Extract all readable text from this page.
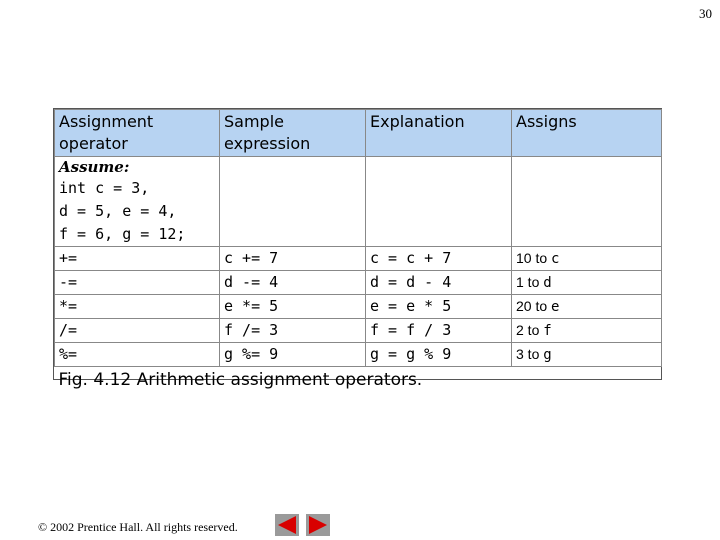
30
Assignment operator	Sample expression	Explanation	Assigns

Assume:
int c = 3,
d = 5, e = 4,
f = 6, g = 12;			

+=	c += 7	c = c + 7	10 to c
-=	d -= 4	d = d - 4	1 to d
*=	e *= 5	e = e * 5	20 to e
/=	f /= 3	f = f / 3	2 to f
%=	g %= 9	g = g % 9	3 to g
Fig. 4.12 Arithmetic assignment operators.			
© 2002 Prentice Hall. All rights reserved.
